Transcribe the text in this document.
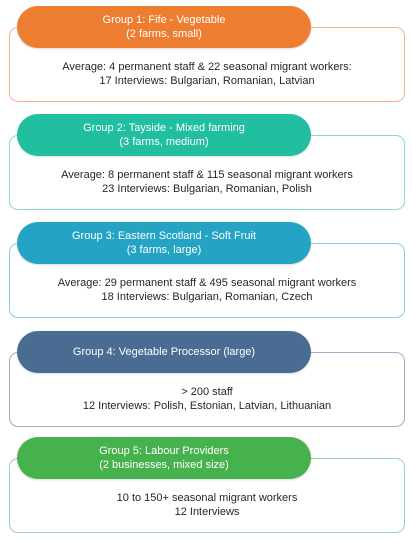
Average: 4 permanent staff & 22 seasonal migrant workers:
17 Interviews: Bulgarian, Romanian, Latvian
Group 1: Fife - Vegetable
(2 farms, small)
Average: 8 permanent staff & 115 seasonal migrant workers
23 Interviews: Bulgarian, Romanian, Polish
Group 2: Tayside - Mixed farming
(3 farms, medium)
Average: 29 permanent staff & 495 seasonal migrant workers
18 Interviews: Bulgarian, Romanian, Czech
Group 3: Eastern Scotland - Soft Fruit
(3 farms, large)
> 200 staff
12 Interviews: Polish, Estonian, Latvian, Lithuanian
Group 4: Vegetable Processor (large)
10 to 150+ seasonal migrant workers
12 Interviews
Group 5: Labour Providers
(2 businesses, mixed size)
